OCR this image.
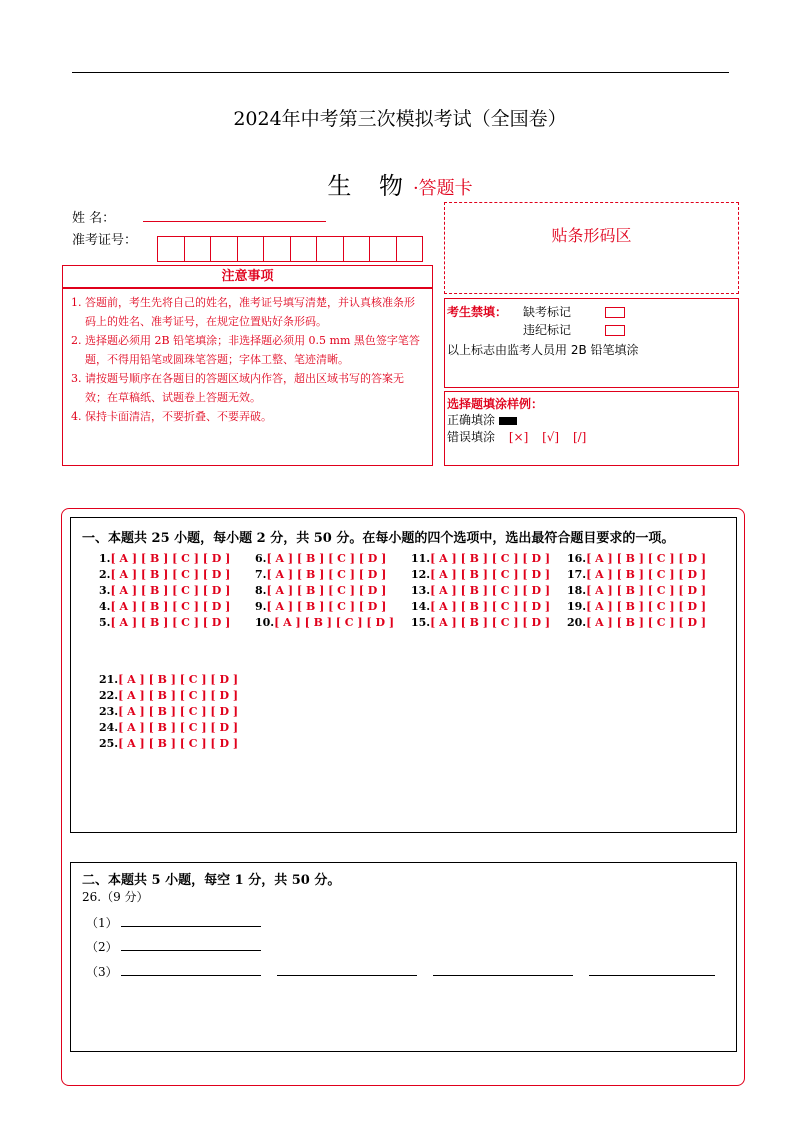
2024年中考第三次模拟考试（全国卷）
生 物·答题卡
姓 名：
准考证号：
注意事项
1. 答题前，考生先将自己的姓名，准考证号填写清楚，并认真核准条形码上的姓名、准考证号，在规定位置贴好条形码。
2. 选择题必须用 2B 铅笔填涂；非选择题必须用 0.5 mm 黑色签字笔答题，不得用铅笔或圆珠笔答题；字体工整、笔迹清晰。
3. 请按题号顺序在各题目的答题区域内作答，超出区域书写的答案无效；在草稿纸、试题卷上答题无效。
4. 保持卡面清洁，不要折叠、不要弄破。
贴条形码区
考生禁填： 缺考标记
违纪标记
以上标志由监考人员用 2B 铅笔填涂
选择题填涂样例：
正确填涂
错误填涂 [×] [√] [/]
一、本题共 25 小题，每小题 2 分，共 50 分。在每小题的四个选项中，选出最符合题目要求的一项。
1.[ A ] [ B ] [ C ] [ D ]
2.[ A ] [ B ] [ C ] [ D ]
3.[ A ] [ B ] [ C ] [ D ]
4.[ A ] [ B ] [ C ] [ D ]
5.[ A ] [ B ] [ C ] [ D ]
6.[ A ] [ B ] [ C ] [ D ]
7.[ A ] [ B ] [ C ] [ D ]
8.[ A ] [ B ] [ C ] [ D ]
9.[ A ] [ B ] [ C ] [ D ]
10.[ A ] [ B ] [ C ] [ D ]
11.[ A ] [ B ] [ C ] [ D ]
12.[ A ] [ B ] [ C ] [ D ]
13.[ A ] [ B ] [ C ] [ D ]
14.[ A ] [ B ] [ C ] [ D ]
15.[ A ] [ B ] [ C ] [ D ]
16.[ A ] [ B ] [ C ] [ D ]
17.[ A ] [ B ] [ C ] [ D ]
18.[ A ] [ B ] [ C ] [ D ]
19.[ A ] [ B ] [ C ] [ D ]
20.[ A ] [ B ] [ C ] [ D ]
21.[ A ] [ B ] [ C ] [ D ]
22.[ A ] [ B ] [ C ] [ D ]
23.[ A ] [ B ] [ C ] [ D ]
24.[ A ] [ B ] [ C ] [ D ]
25.[ A ] [ B ] [ C ] [ D ]
二、本题共 5 小题，每空 1 分，共 50 分。
26.（9 分）
（1）
（2）
（3）
